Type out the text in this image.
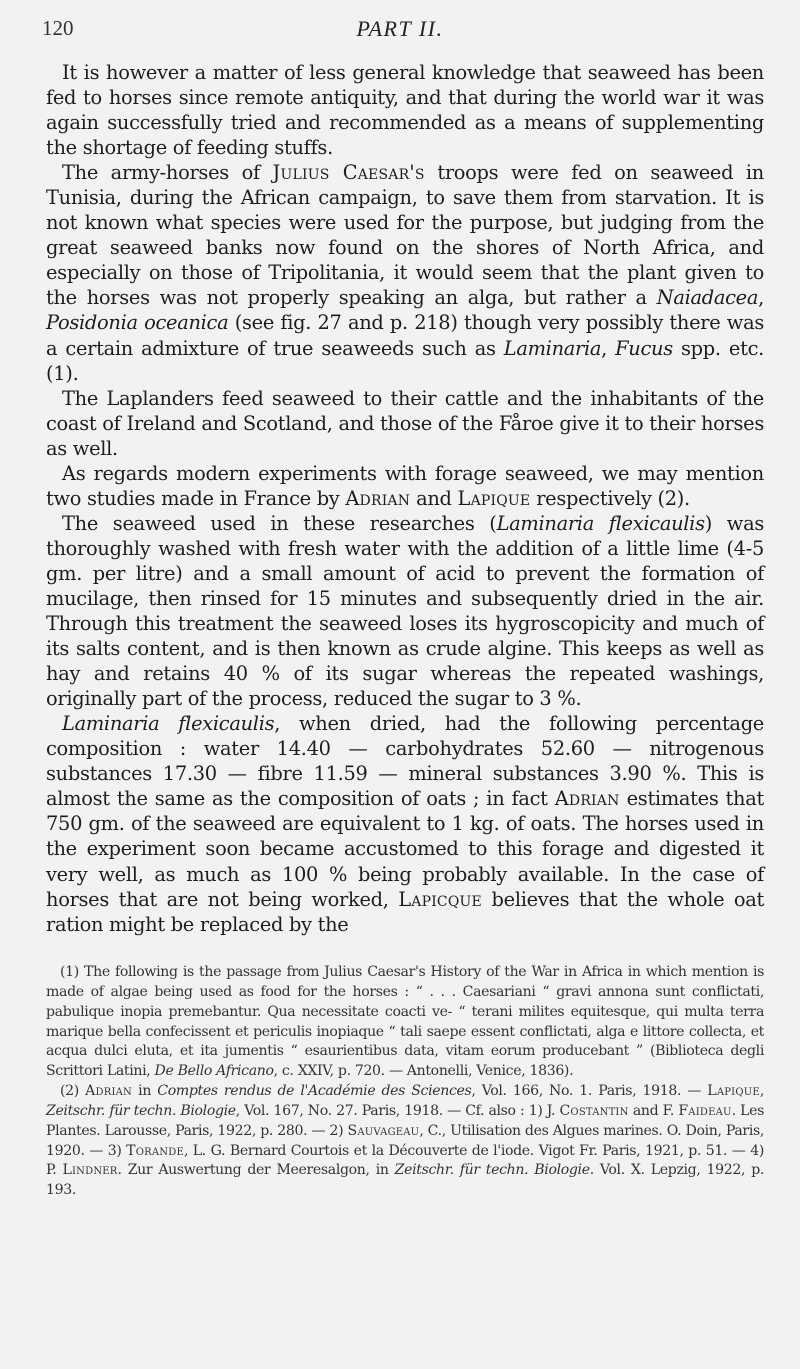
120	PART II.

It is however a matter of less general knowledge that seaweed has been fed to horses since remote antiquity, and that during the world war it was again successfully tried and recommended as a means of supplementing the shortage of feeding stuffs.

The army-horses of Julius Caesar's troops were fed on seaweed in Tunisia, during the African campaign, to save them from starvation. It is not known what species were used for the purpose, but judging from the great seaweed banks now found on the shores of North Africa, and especially on those of Tripolitania, it would seem that the plant given to the horses was not properly speaking an alga, but rather a Naiadacea, Posidonia oceanica (see fig. 27 and p. 218) though very possibly there was a certain admixture of true seaweeds such as Laminaria, Fucus spp. etc. (1).

The Laplanders feed seaweed to their cattle and the inhabitants of the coast of Ireland and Scotland, and those of the Fåroe give it to their horses as well.

As regards modern experiments with forage seaweed, we may mention two studies made in France by Adrian and Lapique respectively (2).

The seaweed used in these researches (Laminaria flexicaulis) was thoroughly washed with fresh water with the addition of a little lime (4-5 gm. per litre) and a small amount of acid to prevent the formation of mucilage, then rinsed for 15 minutes and subsequently dried in the air. Through this treatment the seaweed loses its hygroscopicity and much of its salts content, and is then known as crude algine. This keeps as well as hay and retains 40 % of its sugar whereas the repeated washings, originally part of the process, reduced the sugar to 3 %.

Laminaria flexicaulis, when dried, had the following percentage composition : water 14.40 — carbohydrates 52.60 — nitrogenous substances 17.30 — fibre 11.59 — mineral substances 3.90 %. This is almost the same as the composition of oats ; in fact Adrian estimates that 750 gm. of the seaweed are equivalent to 1 kg. of oats. The horses used in the experiment soon became accustomed to this forage and digested it very well, as much as 100 % being probably available. In the case of horses that are not being worked, Lapicque believes that the whole oat ration might be replaced by the

(1) The following is the passage from Julius Caesar's History of the War in Africa in which mention is made of algae being used as food for the horses : “ . . . Caesariani “ gravi annona sunt conflictati, pabulique inopia premebantur. Qua necessitate coacti ve- “ terani milites equitesque, qui multa terra marique bella confecissent et periculis inopiaque “ tali saepe essent conflictati, alga e littore collecta, et acqua dulci eluta, et ita jumentis “ esaurientibus data, vitam eorum producebant ” (Biblioteca degli Scrittori Latini, De Bello Africano, c. XXIV, p. 720. — Antonelli, Venice, 1836).

(2) Adrian in Comptes rendus de l'Académie des Sciences, Vol. 166, No. 1. Paris, 1918. — Lapique, Zeitschr. für techn. Biologie, Vol. 167, No. 27. Paris, 1918. — Cf. also : 1) J. Costantin and F. Faideau. Les Plantes. Larousse, Paris, 1922, p. 280. — 2) Sauvageau, C., Utilisation des Algues marines. O. Doin, Paris, 1920. — 3) Torande, L. G. Bernard Courtois et la Découverte de l'iode. Vigot Fr. Paris, 1921, p. 51. — 4) P. Lindner. Zur Auswertung der Meeresalgon, in Zeitschr. für techn. Biologie. Vol. X. Lepzig, 1922, p. 193.
